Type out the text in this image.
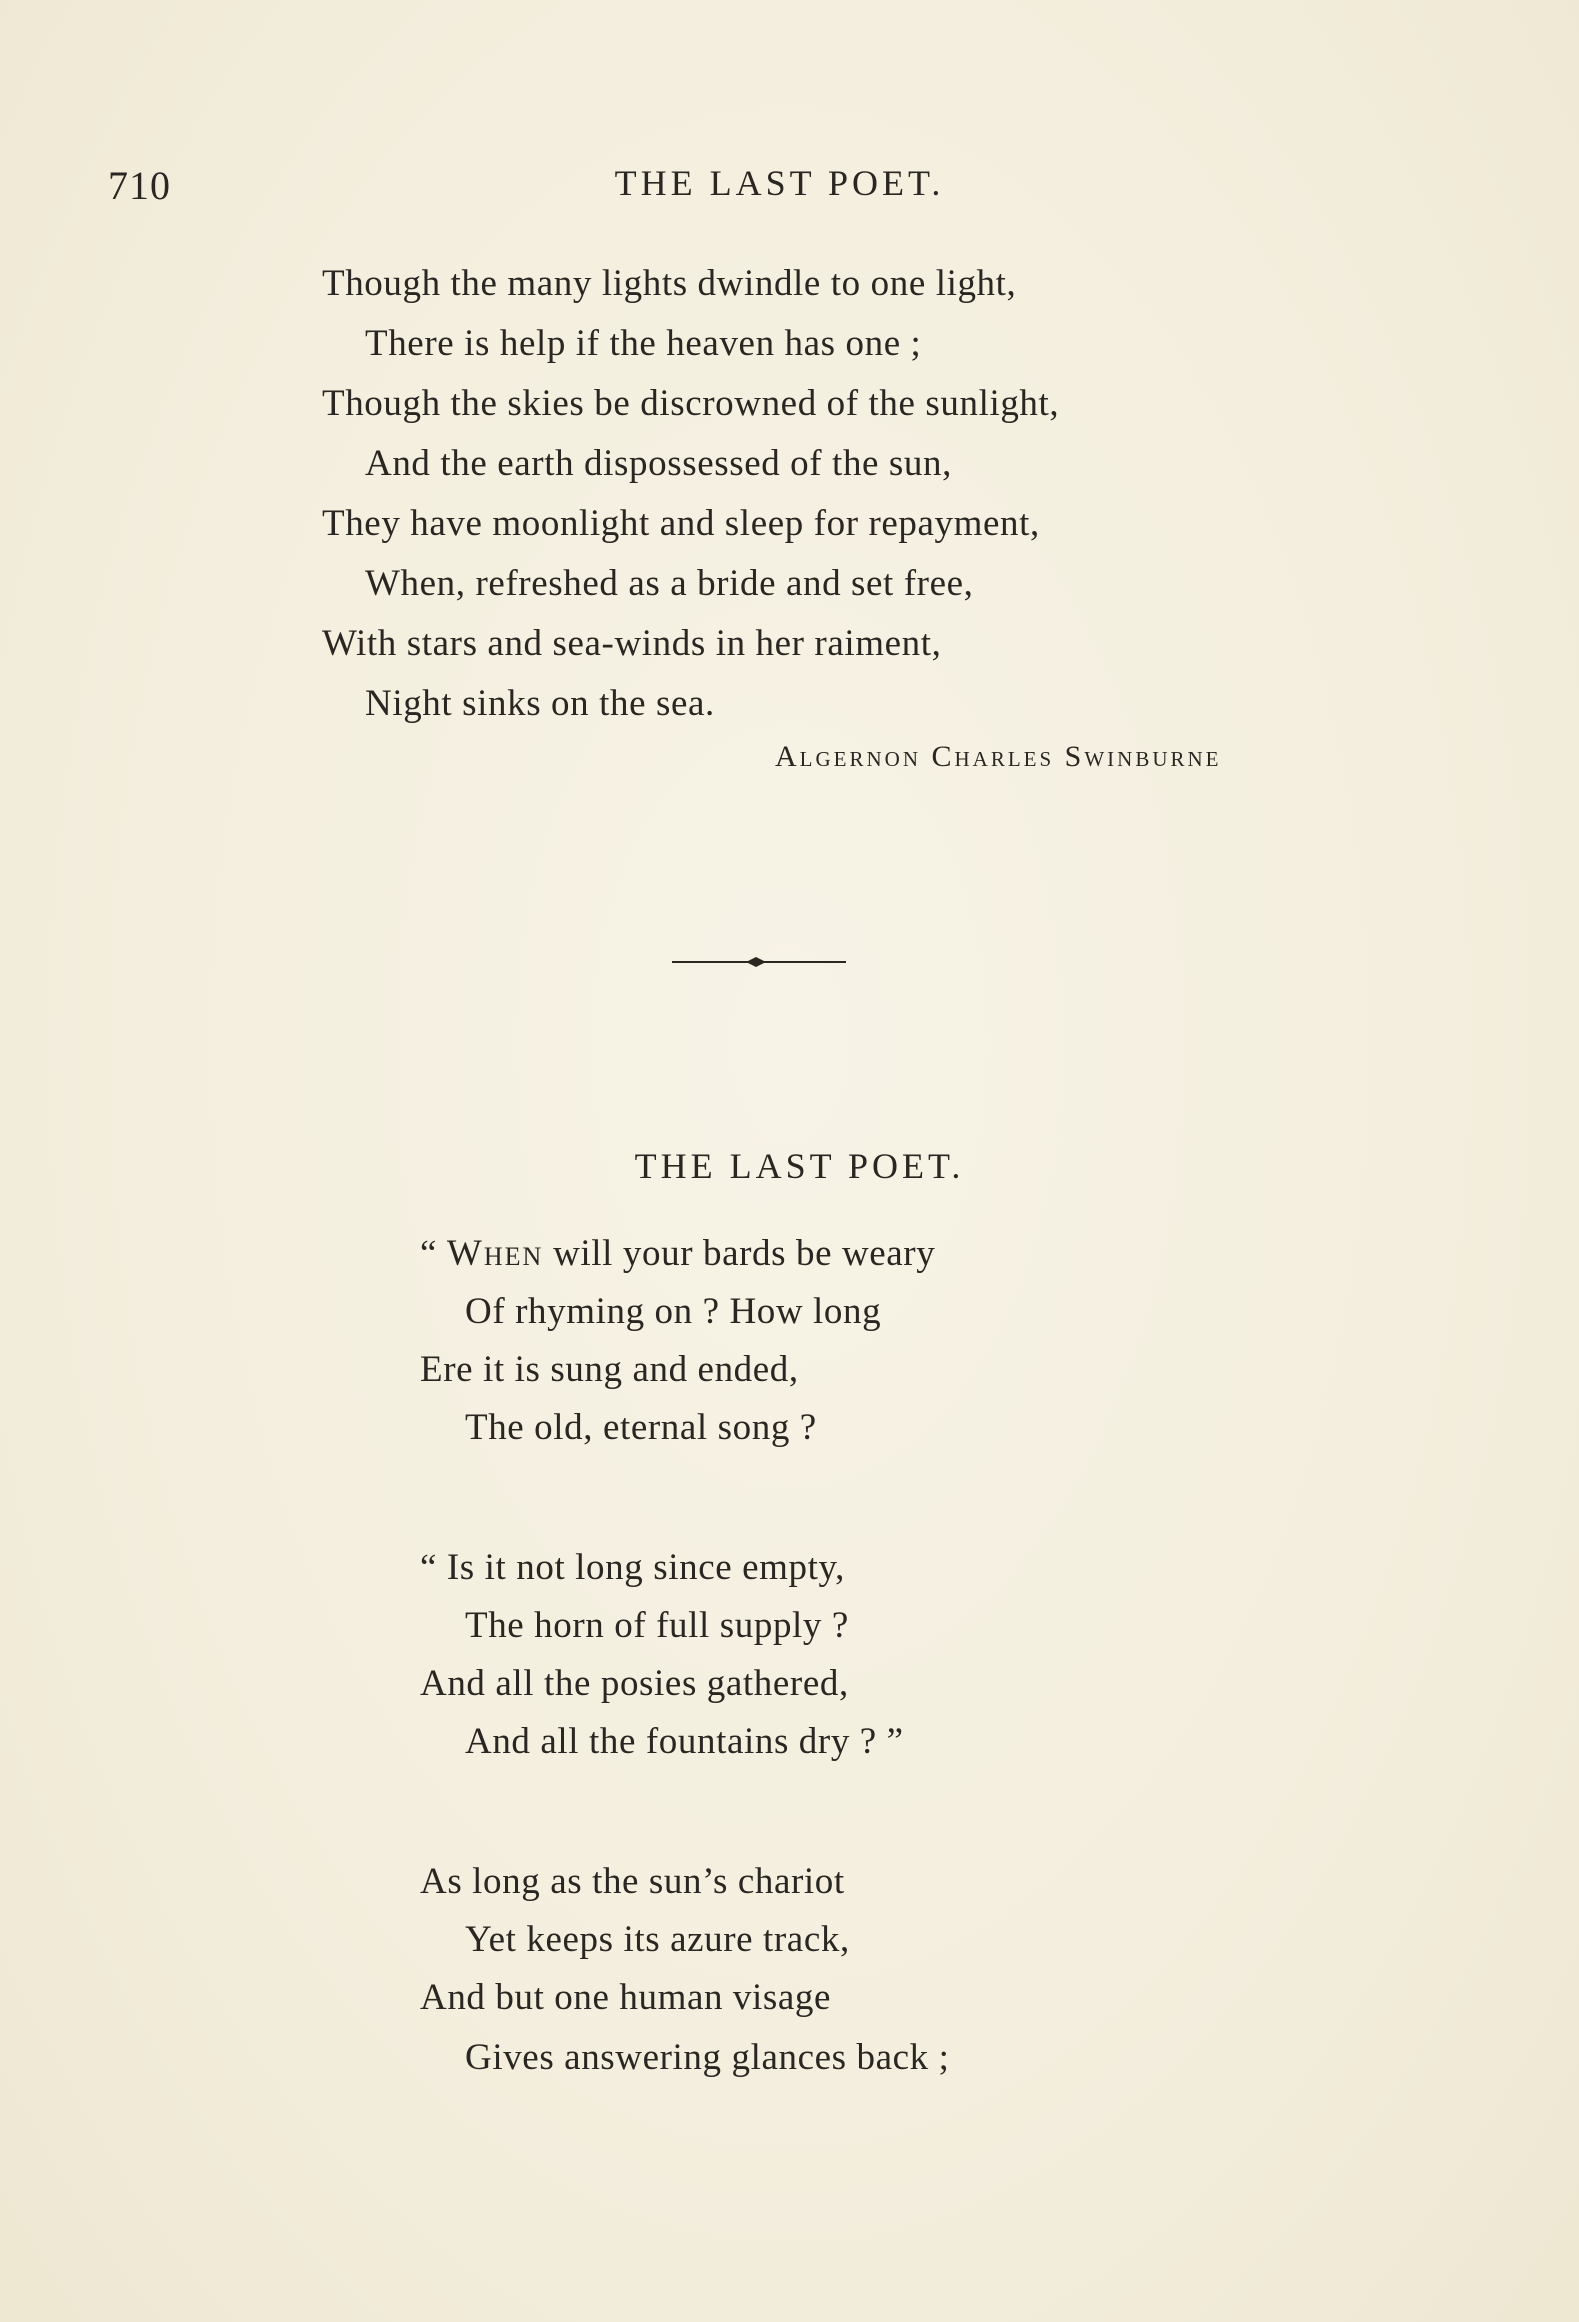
710	THE LAST POET.
Though the many lights dwindle to one light,
There is help if the heaven has one ;
Though the skies be discrowned of the sunlight,
And the earth dispossessed of the sun,
They have moonlight and sleep for repayment,
When, refreshed as a bride and set free,
With stars and sea-winds in her raiment,
Night sinks on the sea.
Algernon Charles Swinburne
THE LAST POET.
“ When will your bards be weary
Of rhyming on ? How long
Ere it is sung and ended,
The old, eternal song ?
“ Is it not long since empty,
The horn of full supply ?
And all the posies gathered,
And all the fountains dry ? ”
As long as the sun’s chariot
Yet keeps its azure track,
And but one human visage
Gives answering glances back ;
